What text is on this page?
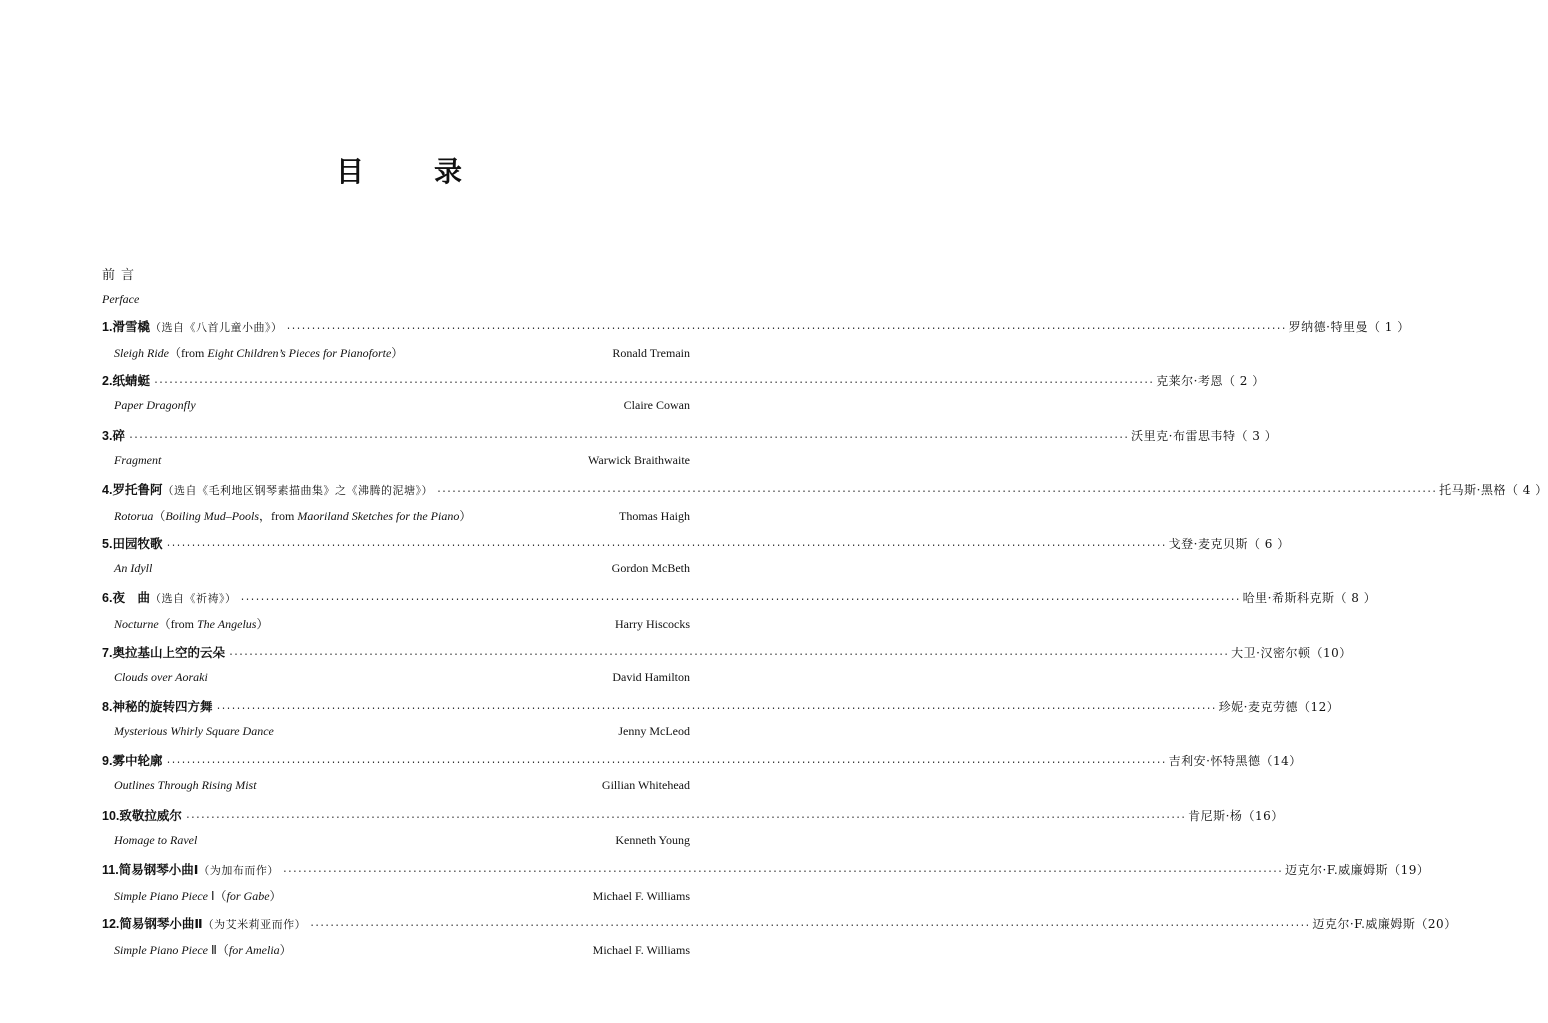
目 录
前言
Perface
1. 滑雪橇 （选自《八首儿童小曲》） ········································································································································································································ 罗纳德·特里曼（ 1 ）
Sleigh Ride（from Eight Children’s Pieces for Pianoforte）	Ronald Tremain
2. 纸蜻蜓 ········································································································································································································ 克莱尔·考恩（ 2 ）
Paper Dragonfly	Claire Cowan
3. 碎 ········································································································································································································ 沃里克·布雷思韦特（ 3 ）
Fragment	Warwick Braithwaite
4. 罗托鲁阿 （选自《毛利地区钢琴素描曲集》之《沸腾的泥塘》） ········································································································································································································ 托马斯·黑格（ 4 ）
Rotorua（Boiling Mud–Pools，from Maoriland Sketches for the Piano）	Thomas Haigh
5. 田园牧歌 ········································································································································································································ 戈登·麦克贝斯（ 6 ）
An Idyll	Gordon McBeth
6. 夜　曲 （选自《祈祷》） ········································································································································································································ 哈里·希斯科克斯（ 8 ）
Nocturne（from The Angelus）	Harry Hiscocks
7. 奥拉基山上空的云朵 ········································································································································································································ 大卫·汉密尔顿（10）
Clouds over Aoraki	David Hamilton
8. 神秘的旋转四方舞 ········································································································································································································ 珍妮·麦克劳德（12）
Mysterious Whirly Square Dance	Jenny McLeod
9. 雾中轮廓 ········································································································································································································ 吉利安·怀特黑德（14）
Outlines Through Rising Mist	Gillian Whitehead
10. 致敬拉威尔 ········································································································································································································ 肯尼斯·杨（16）
Homage to Ravel	Kenneth Young
11. 简易钢琴小曲Ⅰ （为加布而作） ········································································································································································································ 迈克尔·F.威廉姆斯（19）
Simple Piano Piece Ⅰ（for Gabe）	Michael F. Williams
12. 简易钢琴小曲Ⅱ （为艾米莉亚而作） ········································································································································································································ 迈克尔·F.威廉姆斯（20）
Simple Piano Piece Ⅱ（for Amelia）	Michael F. Williams
